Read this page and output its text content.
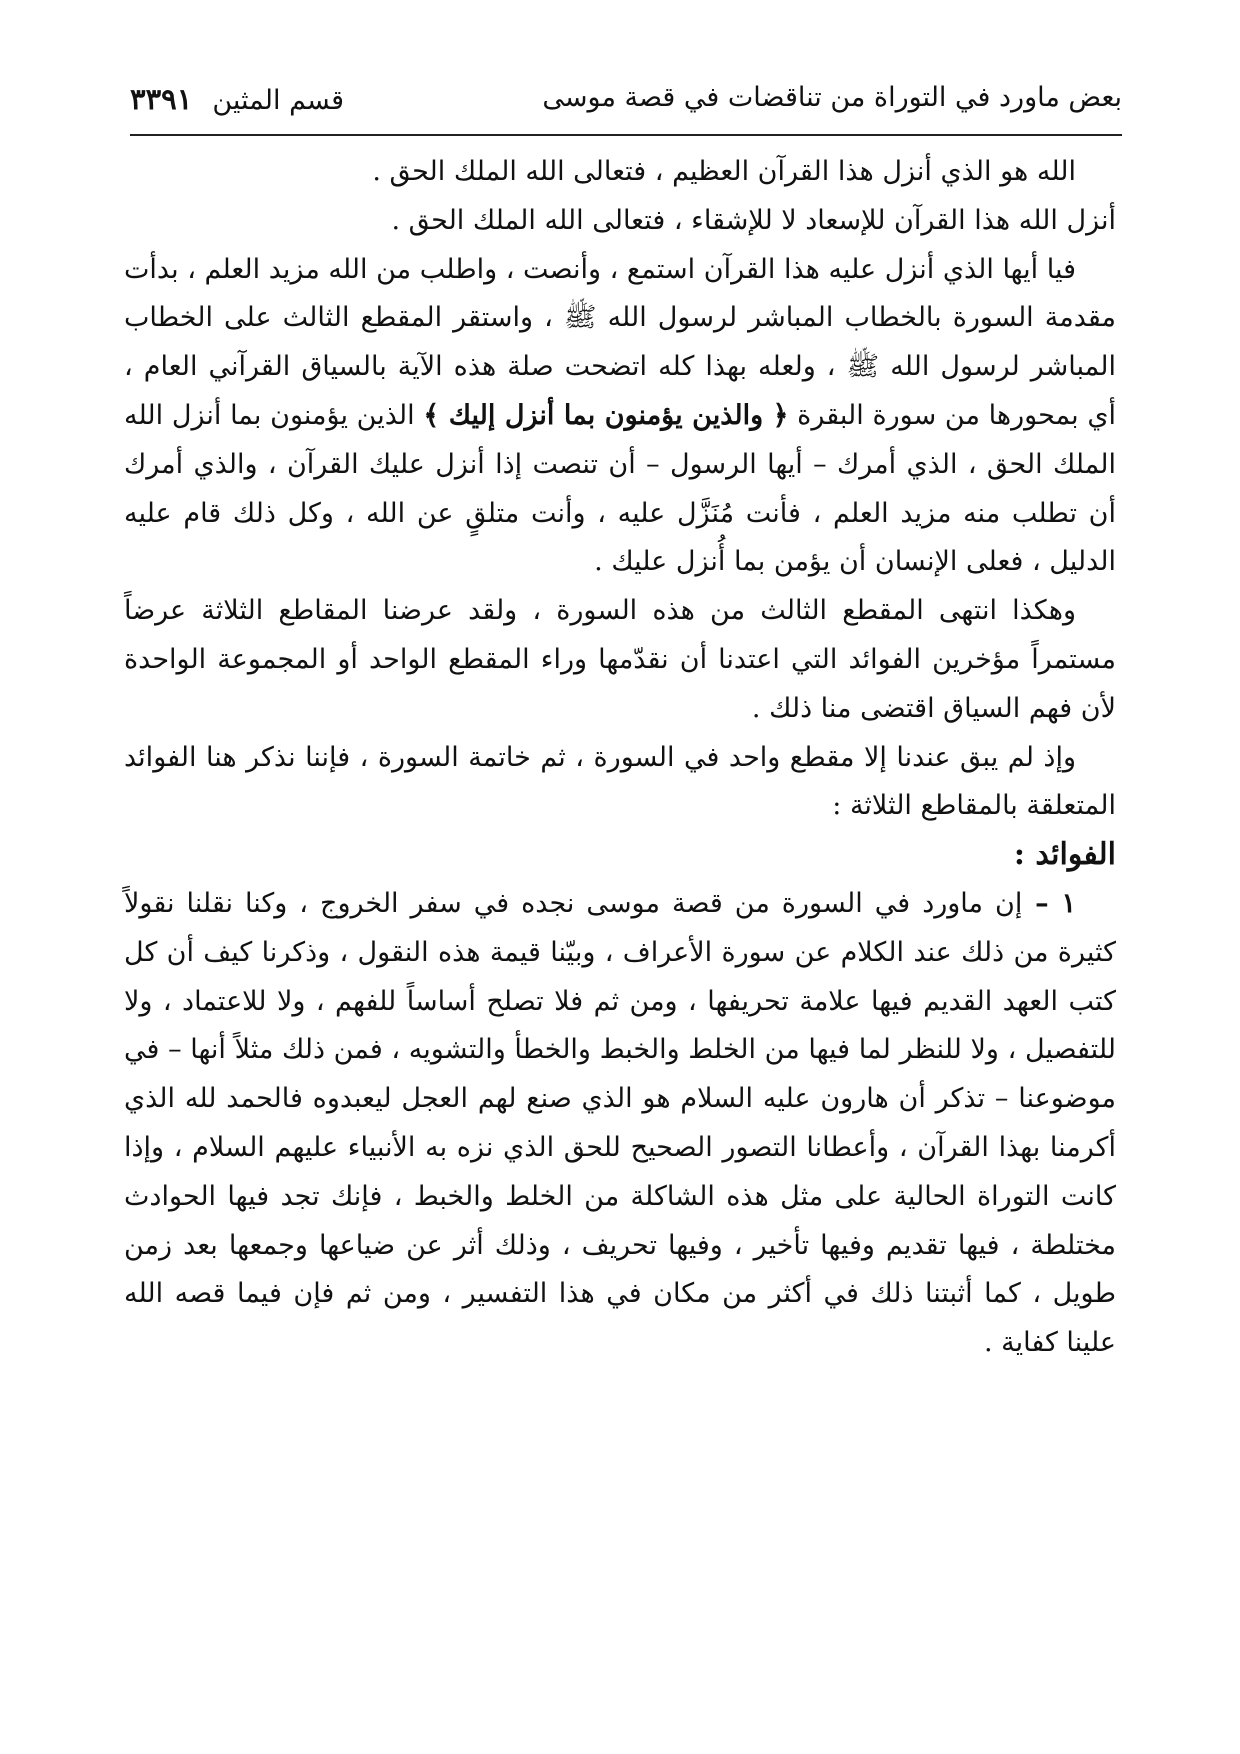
بعض ماورد في التوراة من تناقضات في قصة موسى
قسم المثين٣٣٩١

الله هو الذي أنزل هذا القرآن العظيم ، فتعالى الله الملك الحق .

أنزل الله هذا القرآن للإسعاد لا للإشقاء ، فتعالى الله الملك الحق .

فيا أيها الذي أنزل عليه هذا القرآن استمع ، وأنصت ، واطلب من الله مزيد العلم ، بدأت مقدمة السورة بالخطاب المباشر لرسول الله ﷺ ، واستقر المقطع الثالث على الخطاب المباشر لرسول الله ﷺ ، ولعله بهذا كله اتضحت صلة هذه الآية بالسياق القرآني العام ، أي بمحورها من سورة البقرة ﴿ والذين يؤمنون بما أنزل إليك ﴾ الذين يؤمنون بما أنزل الله الملك الحق ، الذي أمرك – أيها الرسول – أن تنصت إذا أنزل عليك القرآن ، والذي أمرك أن تطلب منه مزيد العلم ، فأنت مُنَزَّل عليه ، وأنت متلقٍ عن الله ، وكل ذلك قام عليه الدليل ، فعلى الإنسان أن يؤمن بما أُنزل عليك .

وهكذا انتهى المقطع الثالث من هذه السورة ، ولقد عرضنا المقاطع الثلاثة عرضاً مستمراً مؤخرين الفوائد التي اعتدنا أن نقدّمها وراء المقطع الواحد أو المجموعة الواحدة لأن فهم السياق اقتضى منا ذلك .

وإذ لم يبق عندنا إلا مقطع واحد في السورة ، ثم خاتمة السورة ، فإننا نذكر هنا الفوائد المتعلقة بالمقاطع الثلاثة :

الفوائد :

١ – إن ماورد في السورة من قصة موسى نجده في سفر الخروج ، وكنا نقلنا نقولاً كثيرة من ذلك عند الكلام عن سورة الأعراف ، وبيّنا قيمة هذه النقول ، وذكرنا كيف أن كل كتب العهد القديم فيها علامة تحريفها ، ومن ثم فلا تصلح أساساً للفهم ، ولا للاعتماد ، ولا للتفصيل ، ولا للنظر لما فيها من الخلط والخبط والخطأ والتشويه ، فمن ذلك مثلاً أنها – في موضوعنا – تذكر أن هارون عليه السلام هو الذي صنع لهم العجل ليعبدوه فالحمد لله الذي أكرمنا بهذا القرآن ، وأعطانا التصور الصحيح للحق الذي نزه به الأنبياء عليهم السلام ، وإذا كانت التوراة الحالية على مثل هذه الشاكلة من الخلط والخبط ، فإنك تجد فيها الحوادث مختلطة ، فيها تقديم وفيها تأخير ، وفيها تحريف ، وذلك أثر عن ضياعها وجمعها بعد زمن طويل ، كما أثبتنا ذلك في أكثر من مكان في هذا التفسير ، ومن ثم فإن فيما قصه الله علينا كفاية .
